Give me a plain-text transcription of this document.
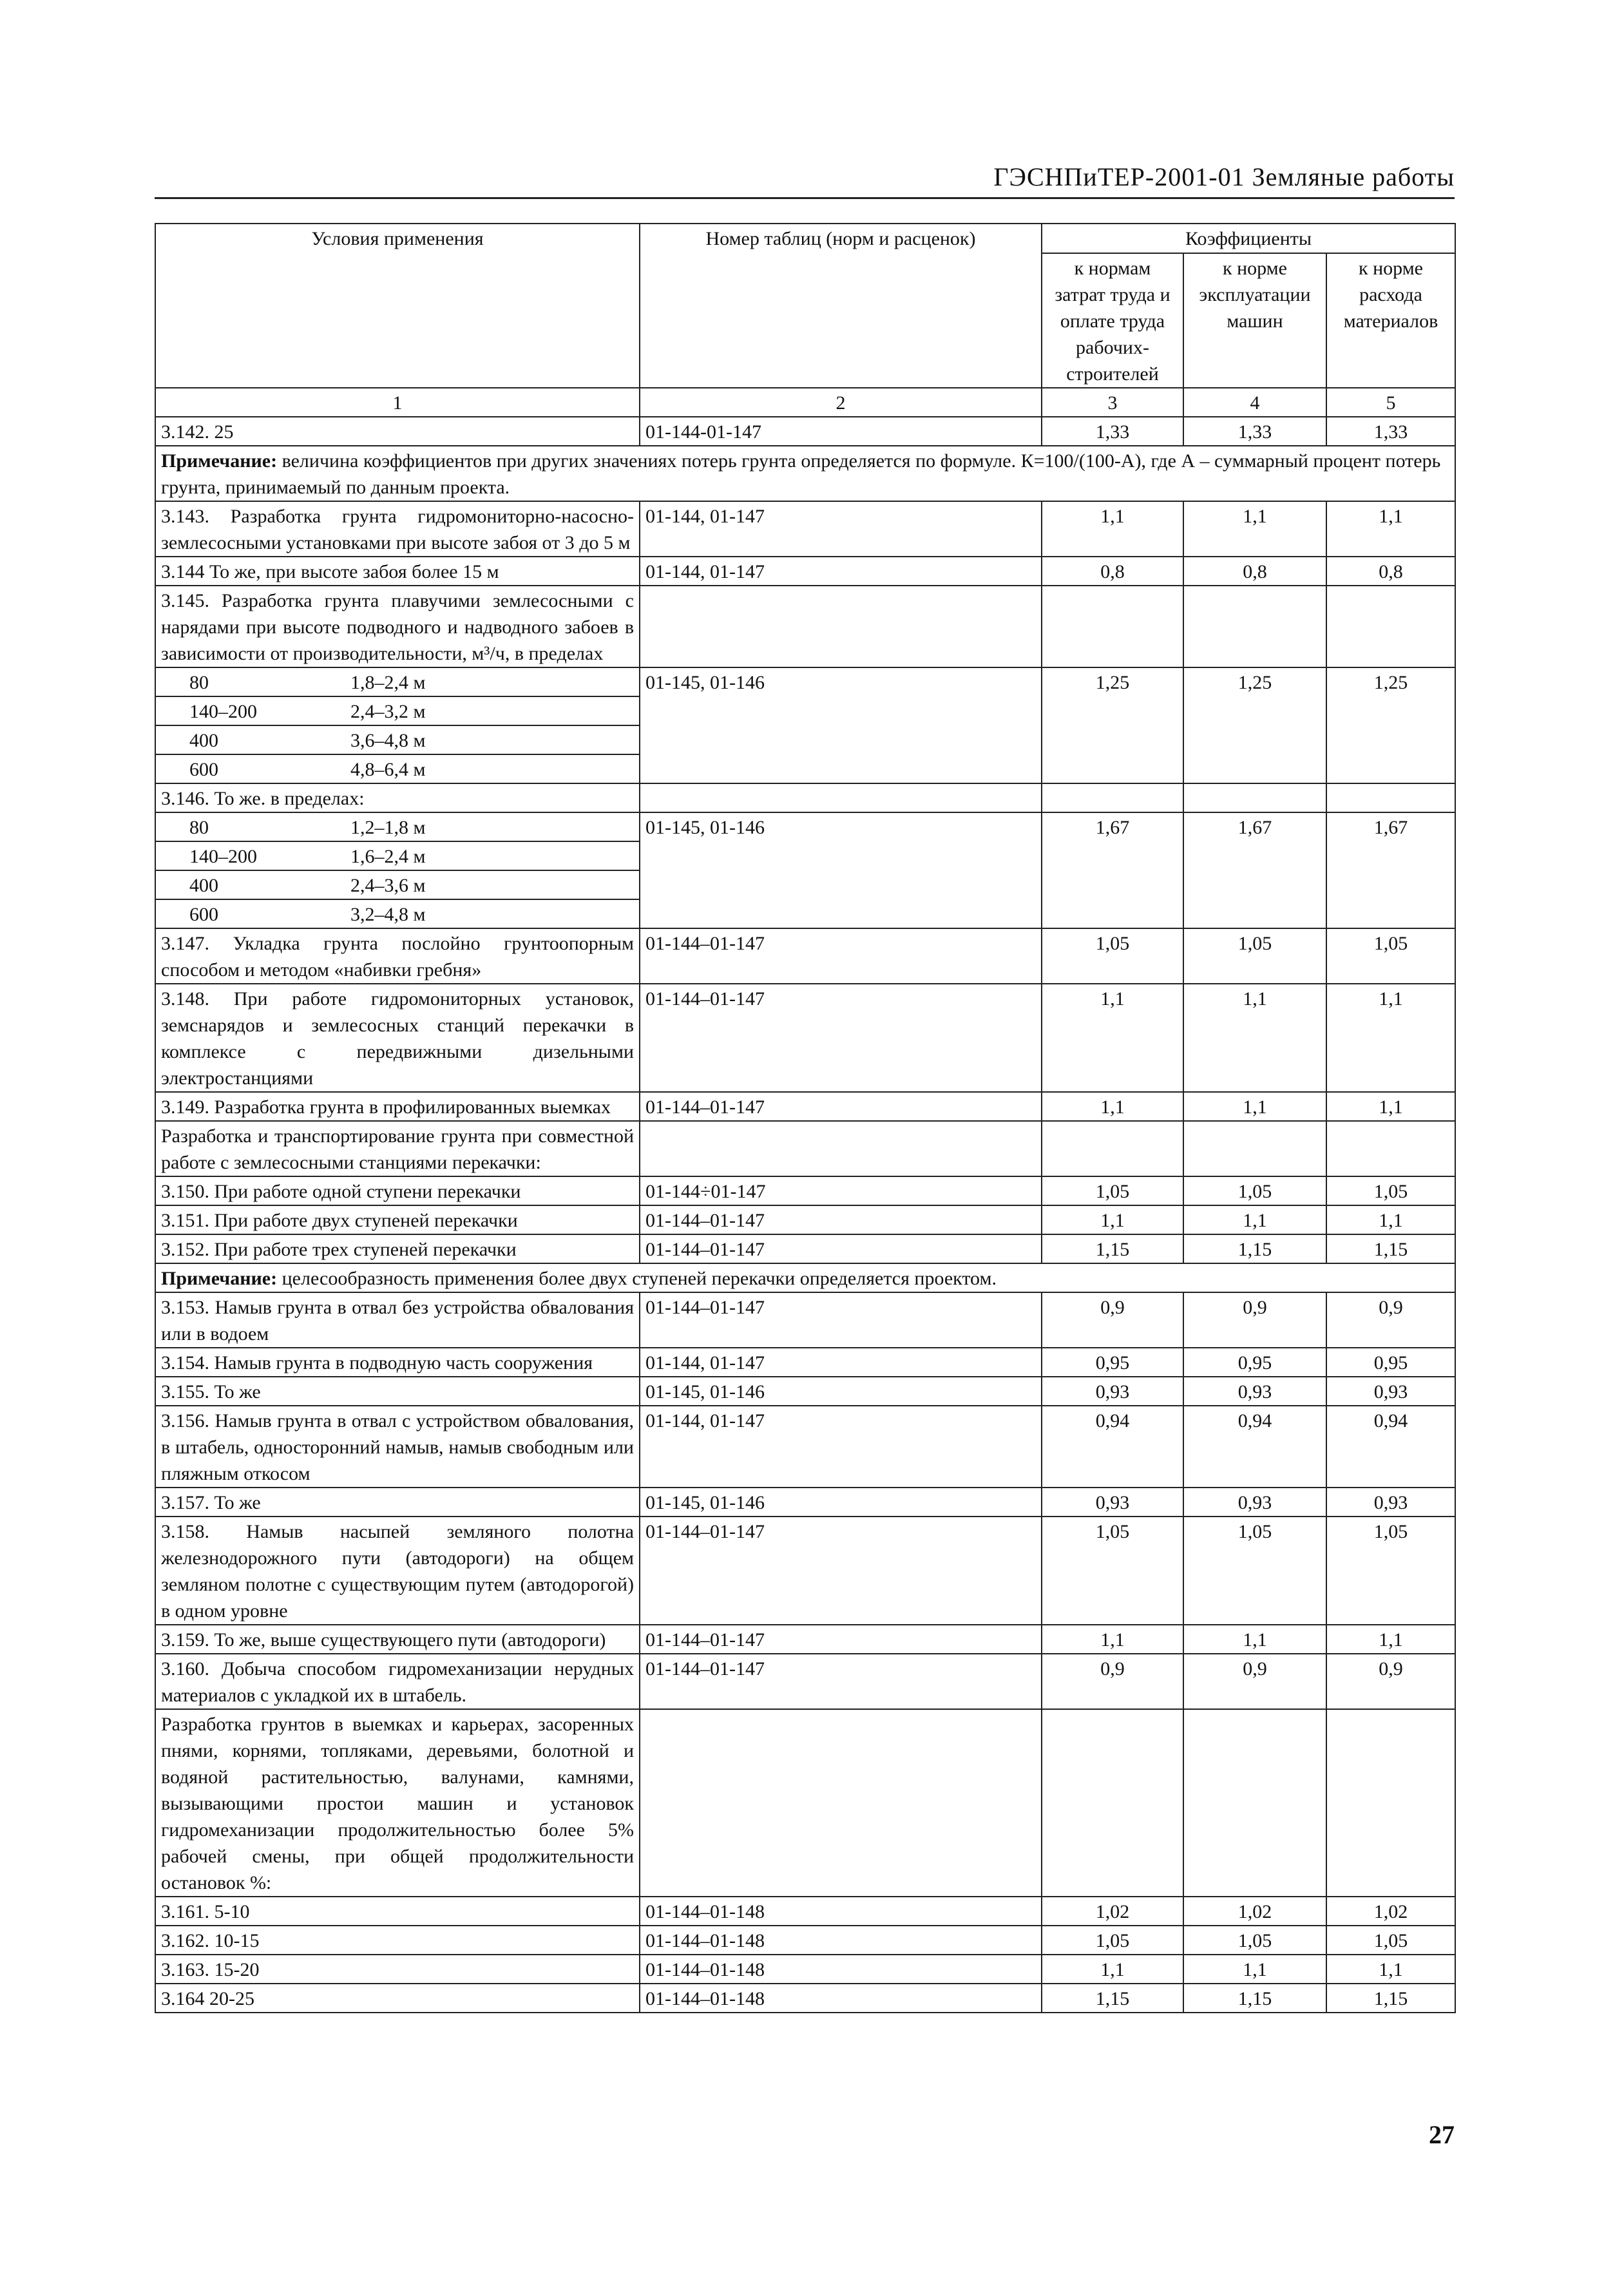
ГЭСНПиТЕР-2001-01 Земляные работы
Условия применения	Номер таблиц (норм и расценок)	Коэффициенты		
		к нормам затрат труда и оплате труда рабочих-строителей	к норме эксплуатации машин	к норме расхода материалов
1	2	3	4	5
3.142. 25	01-144-01-147	1,33	1,33	1,33
Примечание: величина коэффициентов при других значениях потерь грунта определяется по формуле. К=100/(100-А), где А – суммарный процент потерь грунта, принимаемый по данным проекта.				
3.143. Разработка грунта гидромониторно-насосно-землесосными установками при высоте забоя от 3 до 5 м	01-144, 01-147	1,1	1,1	1,1
3.144 То же, при высоте забоя более 15 м	01-144, 01-147	0,8	0,8	0,8
3.145. Разработка грунта плавучими землесосными с нарядами при высоте подводного и надводного забоев в зависимости от производительности, м³/ч, в пределах				

80 1,8–2,4 м	01-145, 01-146	1,25	1,25	1,25

140–200 2,4–3,2 м				

400 3,6–4,8 м				

600 4,8–6,4 м				

3.146. То же. в пределах:				

80 1,2–1,8 м	01-145, 01-146	1,67	1,67	1,67

140–200 1,6–2,4 м				

400 2,4–3,6 м				

600 3,2–4,8 м				

3.147. Укладка грунта послойно грунтоопорным способом и методом «набивки гребня»	01-144–01-147	1,05	1,05	1,05
3.148. При работе гидромониторных установок, земснарядов и землесосных станций перекачки в комплексе с передвижными дизельными электростанциями	01-144–01-147	1,1	1,1	1,1
3.149. Разработка грунта в профилированных выемках	01-144–01-147	1,1	1,1	1,1
Разработка и транспортирование грунта при совместной работе с землесосными станциями перекачки:				
3.150. При работе одной ступени перекачки	01-144÷01-147	1,05	1,05	1,05
3.151. При работе двух ступеней перекачки	01-144–01-147	1,1	1,1	1,1
3.152. При работе трех ступеней перекачки	01-144–01-147	1,15	1,15	1,15
Примечание: целесообразность применения более двух ступеней перекачки определяется проектом.				
3.153. Намыв грунта в отвал без устройства обвалования или в водоем	01-144–01-147	0,9	0,9	0,9
3.154. Намыв грунта в подводную часть сооружения	01-144, 01-147	0,95	0,95	0,95
3.155. То же	01-145, 01-146	0,93	0,93	0,93
3.156. Намыв грунта в отвал с устройством обвалования, в штабель, односторонний намыв, намыв свободным или пляжным откосом	01-144, 01-147	0,94	0,94	0,94
3.157. То же	01-145, 01-146	0,93	0,93	0,93
3.158. Намыв насыпей земляного полотна железнодорожного пути (автодороги) на общем земляном полотне с существующим путем (автодорогой) в одном уровне	01-144–01-147	1,05	1,05	1,05
3.159. То же, выше существующего пути (автодороги)	01-144–01-147	1,1	1,1	1,1
3.160. Добыча способом гидромеханизации нерудных материалов с укладкой их в штабель.	01-144–01-147	0,9	0,9	0,9
Разработка грунтов в выемках и карьерах, засоренных пнями, корнями, топляками, деревьями, болотной и водяной растительностью, валунами, камнями, вызывающими простои машин и установок гидромеханизации продолжительностью более 5% рабочей смены, при общей продолжительности остановок %:				
3.161. 5-10	01-144–01-148	1,02	1,02	1,02
3.162. 10-15	01-144–01-148	1,05	1,05	1,05
3.163. 15-20	01-144–01-148	1,1	1,1	1,1
3.164 20-25	01-144–01-148	1,15	1,15	1,15
27
